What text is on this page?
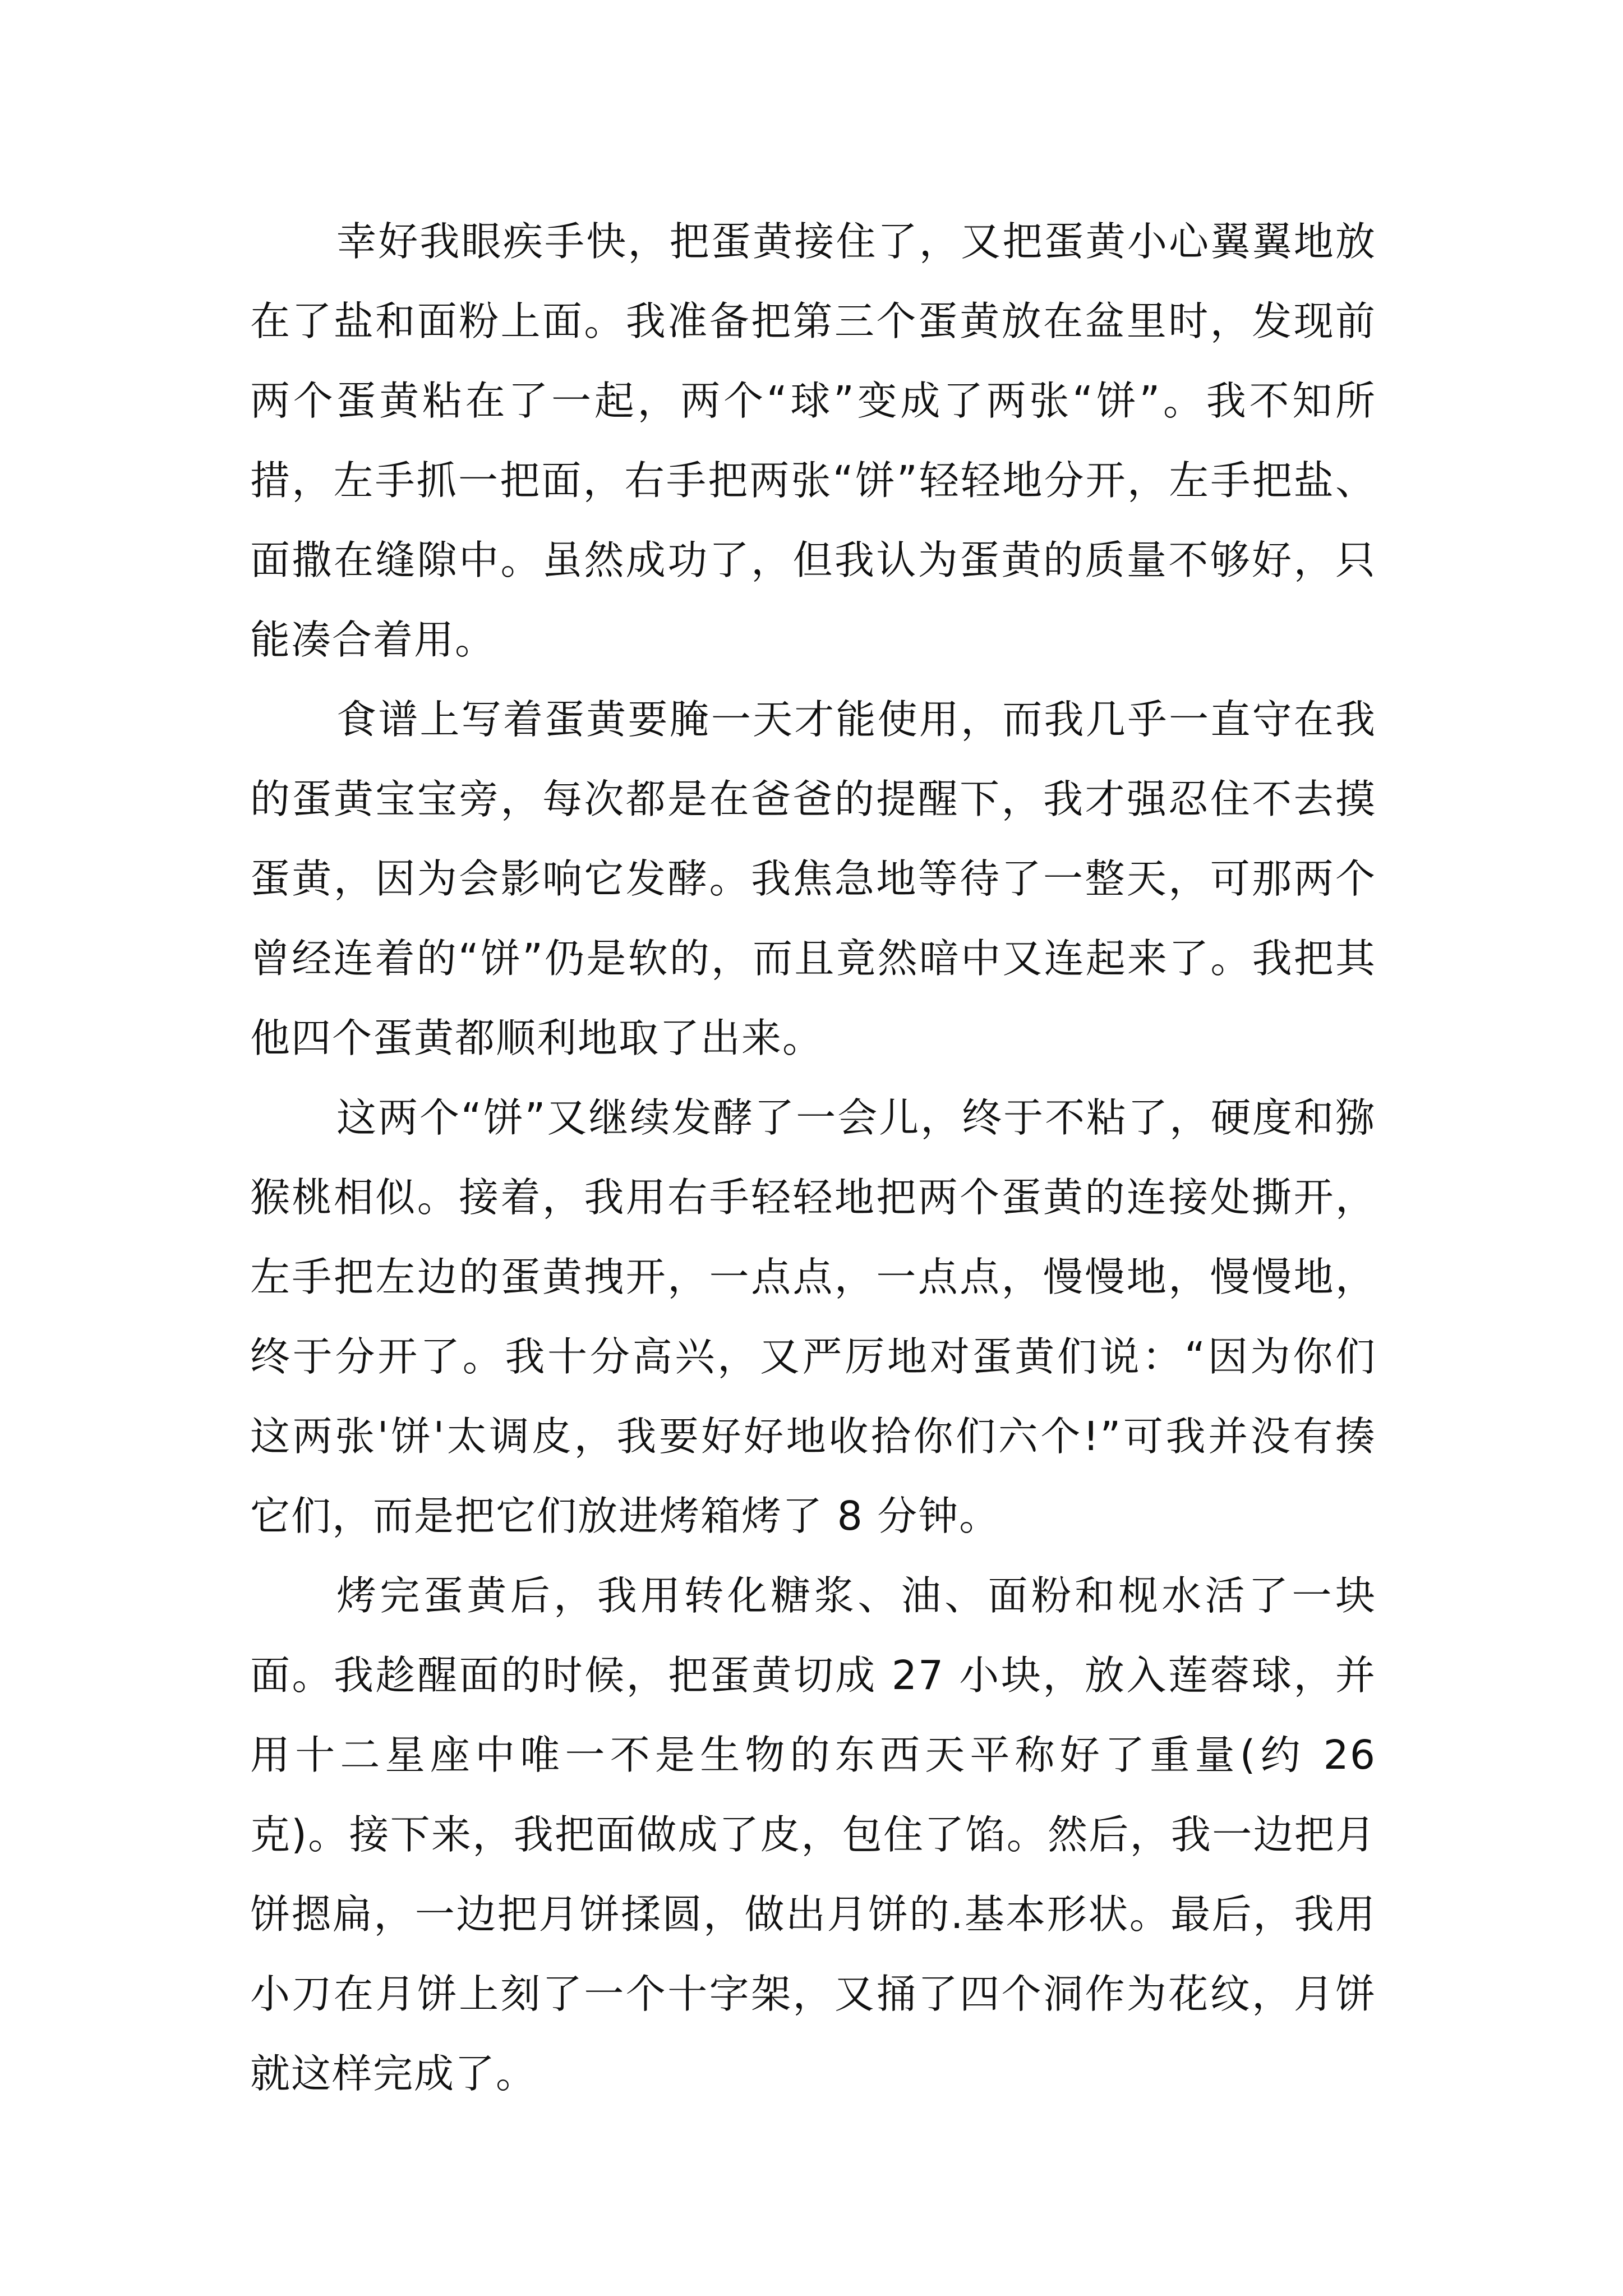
幸好我眼疾手快，把蛋黄接住了，又把蛋黄小心翼翼地放在了盐和面粉上面。我准备把第三个蛋黄放在盆里时，发现前两个蛋黄粘在了一起，两个“球”变成了两张“饼”。我不知所措，左手抓一把面，右手把两张“饼”轻轻地分开，左手把盐、面撒在缝隙中。虽然成功了，但我认为蛋黄的质量不够好，只能凑合着用。

食谱上写着蛋黄要腌一天才能使用，而我几乎一直守在我的蛋黄宝宝旁，每次都是在爸爸的提醒下，我才强忍住不去摸蛋黄，因为会影响它发酵。我焦急地等待了一整天，可那两个曾经连着的“饼”仍是软的，而且竟然暗中又连起来了。我把其他四个蛋黄都顺利地取了出来。

这两个“饼”又继续发酵了一会儿，终于不粘了，硬度和猕猴桃相似。接着，我用右手轻轻地把两个蛋黄的连接处撕开，左手把左边的蛋黄拽开，一点点，一点点，慢慢地，慢慢地，终于分开了。我十分高兴，又严厉地对蛋黄们说：“因为你们这两张'饼'太调皮，我要好好地收拾你们六个!”可我并没有揍它们，而是把它们放进烤箱烤了 8 分钟。

烤完蛋黄后，我用转化糖浆、油、面粉和枧水活了一块面。我趁醒面的时候，把蛋黄切成 27 小块，放入莲蓉球，并用十二星座中唯一不是生物的东西天平称好了重量(约 26 克)。接下来，我把面做成了皮，包住了馅。然后，我一边把月饼摁扁，一边把月饼揉圆，做出月饼的.基本形状。最后，我用小刀在月饼上刻了一个十字架，又捅了四个洞作为花纹，月饼就这样完成了。
